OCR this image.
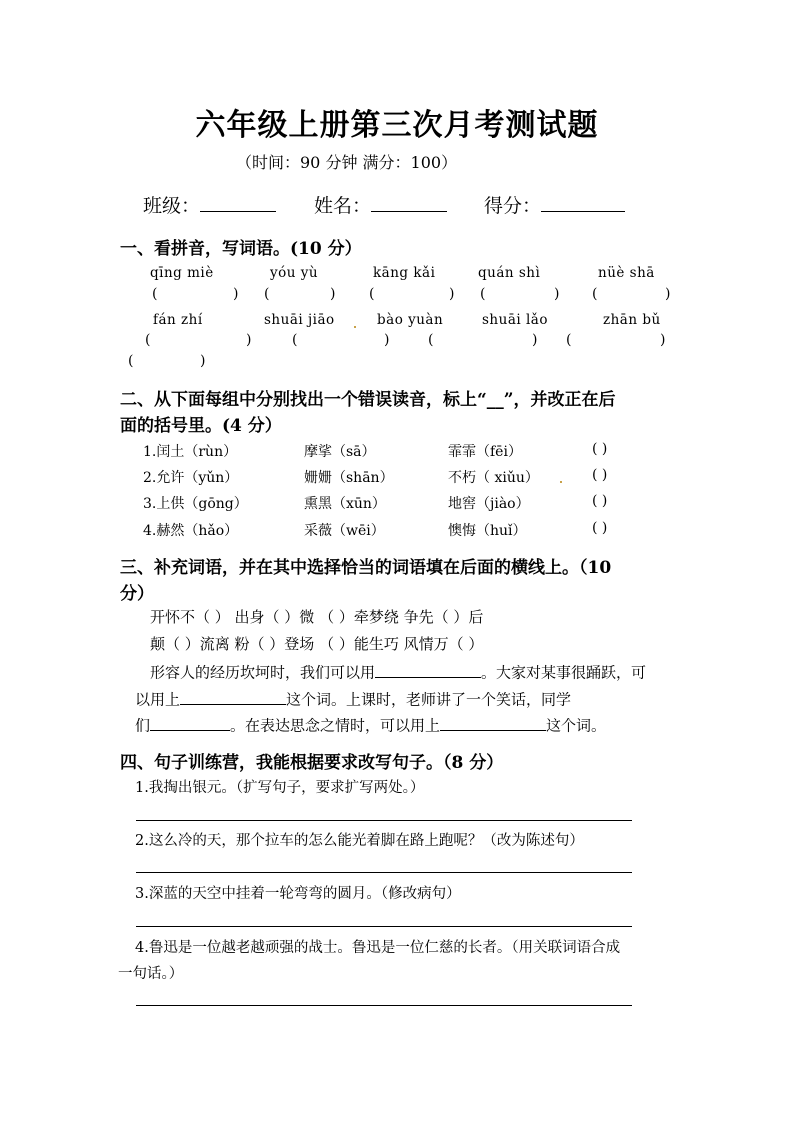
六年级上册第三次月考测试题
（时间：90 分钟 满分：100）
班级：	姓名：	得分：
一、看拼音，写词语。(10 分）
qīng miè	yóu yù	kāng kǎi	quán shì	nüè shā
(	) (	) (	) (	) (	)
fán zhí	shuāi jiāo	bào yuàn	shuāi lǎo	zhān bǔ
(	)	(	)	(	) (	)
(	)
二、从下面每组中分别找出一个错误读音，标上“__”，并改正在后
面的括号里。(4 分）
1.闰土（rùn）	摩挲（sā）	霏霏（fēi）	( )
2.允许（yǔn）	姗姗（shān）	不朽（ xiǔu）	( )
3.上供（gōng）	熏黑（xūn）	地窖（jiào）	( )
4.赫然（hǎo）	采薇（wēi）	懊悔（huǐ）	( )
三、补充词语，并在其中选择恰当的词语填在后面的横线上。（10
分）
开怀不（ ） 出身（ ）微 （ ）牵梦绕 争先（ ）后
颠（ ）流离 粉（ ）登场 （ ）能生巧 风情万（ ）
形容人的经历坎坷时，我们可以用	。大家对某事很踊跃，可
以用上	这个词。上课时，老师讲了一个笑话，同学
们	。在表达思念之情时，可以用上	这个词。
四、句子训练营，我能根据要求改写句子。（8 分）
1.我掏出银元。（扩写句子，要求扩写两处。）
2.这么冷的天，那个拉车的怎么能光着脚在路上跑呢？（改为陈述句）
3.深蓝的天空中挂着一轮弯弯的圆月。（修改病句）
4.鲁迅是一位越老越顽强的战士。鲁迅是一位仁慈的长者。（用关联词语合成
一句话。）
